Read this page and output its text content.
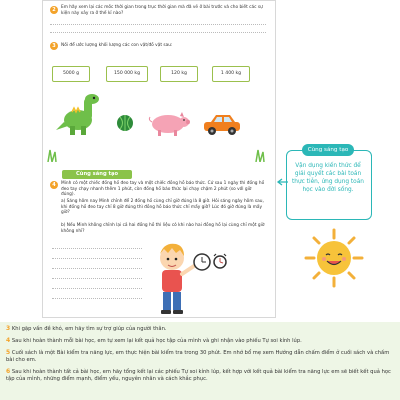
2	Em hãy xem lại các mốc thời gian trong trục thời gian mà đã vẽ ở bài trước và cho biết các sự kiện này xảy ra ở thế kỉ nào?
3	Nối để ước lượng khối lượng các con vật/đồ vật sau:
5000 g	150 000 kg	120 kg	1 400 kg
Cùng sáng tạo
4	Minh có một chiếc đồng hồ đeo tay và một chiếc đồng hồ báo thức. Cứ sau 1 ngày thì đồng hồ đeo tay chạy nhanh thêm 1 phút, còn đồng hồ báo thức lại chạy chậm 2 phút (so với giờ đúng).
a) Sáng hôm nay Minh chỉnh để 2 đồng hồ cùng chỉ giờ đúng là 8 giờ. Hỏi sáng ngày hôm sau, khi đồng hồ đeo tay chỉ 8 giờ đúng thì đồng hồ báo thức chỉ mấy giờ? Lúc đó giờ đúng là mấy giờ?
b) Nếu Minh không chỉnh lại cả hai đồng hồ thì liệu có khi nào hai đồng hồ lại cùng chỉ một giờ không nhỉ?
Cùng sáng tạo
Vận dụng kiến thức để giải quyết các bài toán thực tiễn, ứng dụng toán học vào đời sống.
3 Khi gặp vấn đề khó, em hãy tìm sự trợ giúp của người thân.
4 Sau khi hoàn thành mỗi bài học, em tự xem lại kết quả học tập của mình và ghi nhận vào phiếu Tự soi kính lúp.
5 Cuối sách là một Bài kiểm tra năng lực, em thực hiện bài kiểm tra trong 30 phút. Em nhớ bổ mẹ xem Hướng dẫn chấm điểm ở cuối sách và chấm bài cho em.
6 Sau khi hoàn thành tất cả bài học, em hãy tổng kết lại các phiếu Tự soi kính lúp, kết hợp với kết quả bài kiểm tra năng lực em sẽ biết kết quả học tập của mình, những điểm mạnh, điểm yếu, nguyên nhân và cách khắc phục.
